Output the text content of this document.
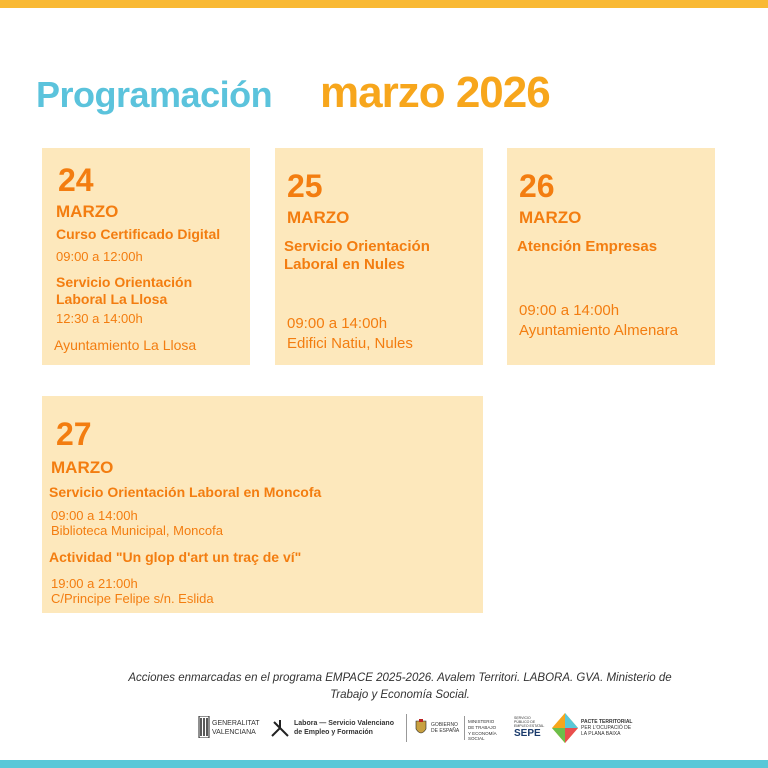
Programación marzo 2026
24
MARZO
Curso Certificado Digital
09:00 a 12:00h
Servicio Orientación Laboral La Llosa
12:30 a 14:00h
Ayuntamiento La Llosa
25
MARZO
Servicio Orientación Laboral en Nules
09:00 a 14:00h
Edifici Natiu, Nules
26
MARZO
Atención Empresas
09:00 a 14:00h
Ayuntamiento Almenara
27
MARZO
Servicio Orientación Laboral en Moncofa
09:00 a 14:00h
Biblioteca Municipal, Moncofa
Actividad "Un glop d'art un traç de ví"
19:00 a 21:00h
C/Principe Felipe s/n. Eslida
Acciones enmarcadas en el programa EMPACE 2025-2026. Avalem Territori. LABORA. GVA. Ministerio de
Trabajo y Economía Social.
GENERALITAT
VALENCIANA
Labora — Servicio Valenciano
de Empleo y Formación
GOBIERNO
DE ESPAÑA
MINISTERIO
DE TRABAJO
Y ECONOMÍA SOCIAL
SERVICIO PÚBLICO DE EMPLEO ESTATAL
SEPE
PACTE TERRITORIAL
PER L'OCUPACIÓ DE
LA PLANA BAIXA
